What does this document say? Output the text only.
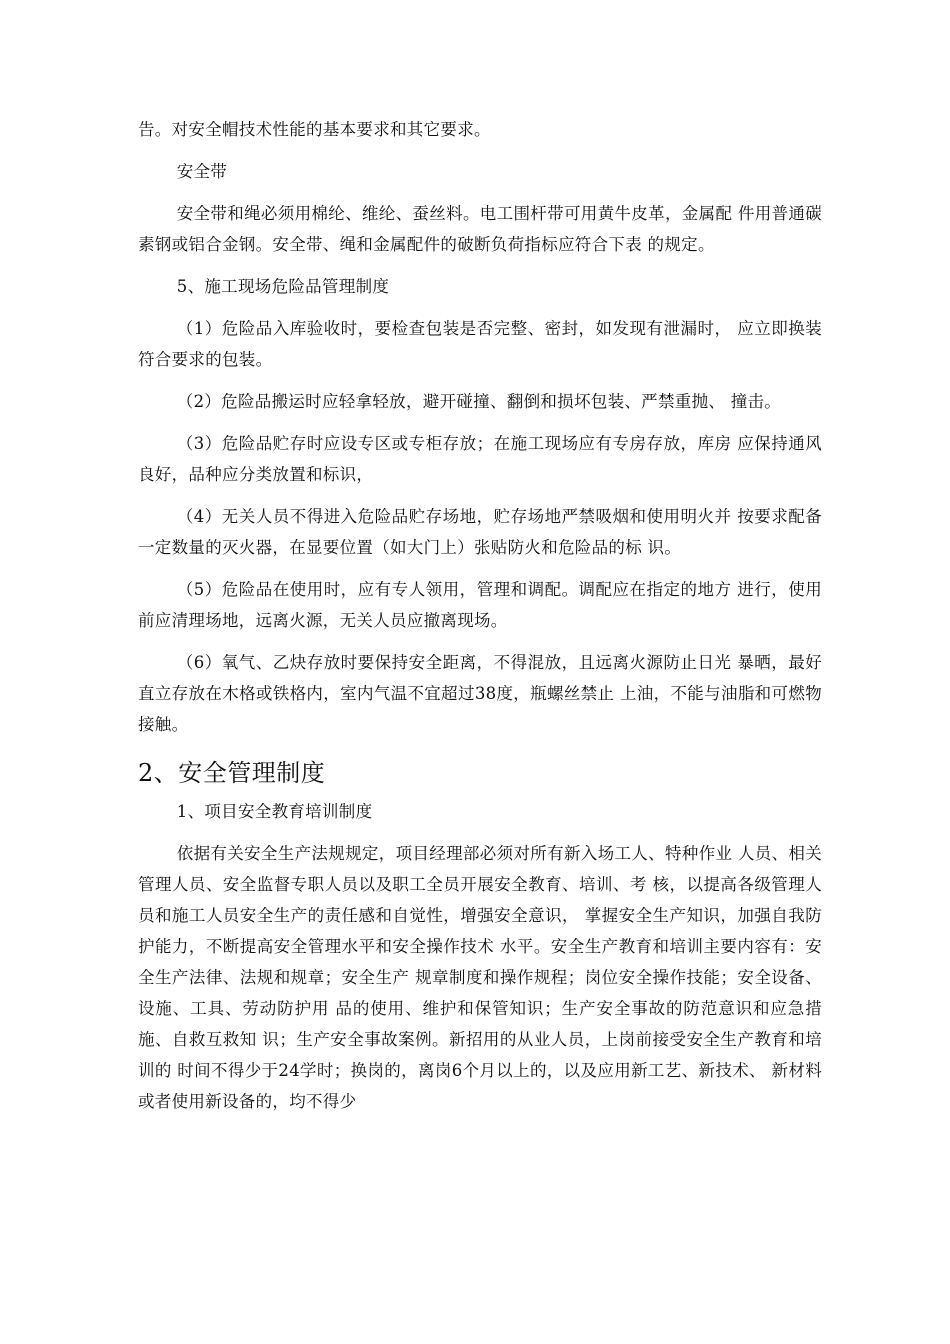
告。对安全帽技术性能的基本要求和其它要求。

安全带

安全带和绳必须用棉纶、维纶、蚕丝料。电工围杆带可用黄牛皮革，金属配 件用普通碳素钢或铝合金钢。安全带、绳和金属配件的破断负荷指标应符合下表 的规定。

5、施工现场危险品管理制度

（1）危险品入库验收时，要检查包装是否完整、密封，如发现有泄漏时， 应立即换装符合要求的包装。

（2）危险品搬运时应轻拿轻放，避开碰撞、翻倒和损坏包装、严禁重抛、 撞击。

（3）危险品贮存时应设专区或专柜存放；在施工现场应有专房存放，库房 应保持通风良好，品种应分类放置和标识，

（4）无关人员不得进入危险品贮存场地，贮存场地严禁吸烟和使用明火并 按要求配备一定数量的灭火器，在显要位置（如大门上）张贴防火和危险品的标 识。

（5）危险品在使用时，应有专人领用，管理和调配。调配应在指定的地方 进行，使用前应清理场地，远离火源，无关人员应撤离现场。

（6）氧气、乙炔存放时要保持安全距离，不得混放，且远离火源防止日光 暴晒，最好直立存放在木格或铁格内，室内气温不宜超过38度，瓶螺丝禁止 上油，不能与油脂和可燃物接触。

2、安全管理制度

1、项目安全教育培训制度

依据有关安全生产法规规定，项目经理部必须对所有新入场工人、特种作业 人员、相关管理人员、安全监督专职人员以及职工全员开展安全教育、培训、考 核，以提高各级管理人员和施工人员安全生产的责任感和自觉性，增强安全意识， 掌握安全生产知识，加强自我防护能力，不断提高安全管理水平和安全操作技术 水平。安全生产教育和培训主要内容有：安全生产法律、法规和规章；安全生产 规章制度和操作规程；岗位安全操作技能；安全设备、设施、工具、劳动防护用 品的使用、维护和保管知识；生产安全事故的防范意识和应急措施、自救互救知 识；生产安全事故案例。新招用的从业人员，上岗前接受安全生产教育和培训的 时间不得少于24学时；换岗的，离岗6个月以上的，以及应用新工艺、新技术、 新材料或者使用新设备的，均不得少
